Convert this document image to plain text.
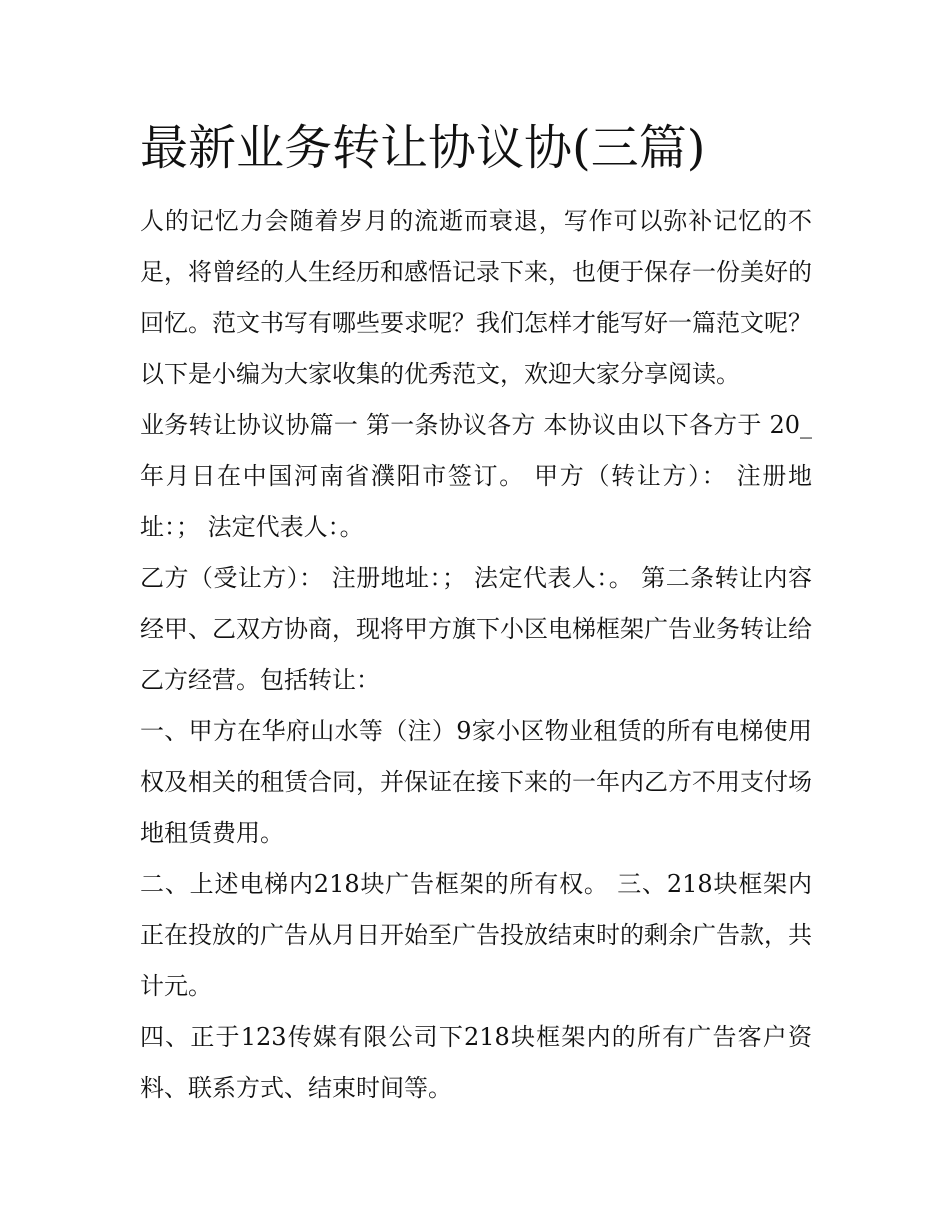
最新业务转让协议协(三篇)

人的记忆力会随着岁月的流逝而衰退，写作可以弥补记忆的不足，将曾经的人生经历和感悟记录下来，也便于保存一份美好的回忆。范文书写有哪些要求呢？我们怎样才能写好一篇范文呢？以下是小编为大家收集的优秀范文，欢迎大家分享阅读。

业务转让协议协篇一 第一条协议各方 本协议由以下各方于 20_年月日在中国河南省濮阳市签订。 甲方（转让方）： 注册地址：； 法定代表人：。

乙方（受让方）： 注册地址：； 法定代表人：。 第二条转让内容 经甲、乙双方协商，现将甲方旗下小区电梯框架广告业务转让给乙方经营。包括转让：

一、甲方在华府山水等（注）9家小区物业租赁的所有电梯使用权及相关的租赁合同，并保证在接下来的一年内乙方不用支付场地租赁费用。

二、上述电梯内218块广告框架的所有权。 三、218块框架内正在投放的广告从月日开始至广告投放结束时的剩余广告款，共计元。

四、正于123传媒有限公司下218块框架内的所有广告客户资料、联系方式、结束时间等。
